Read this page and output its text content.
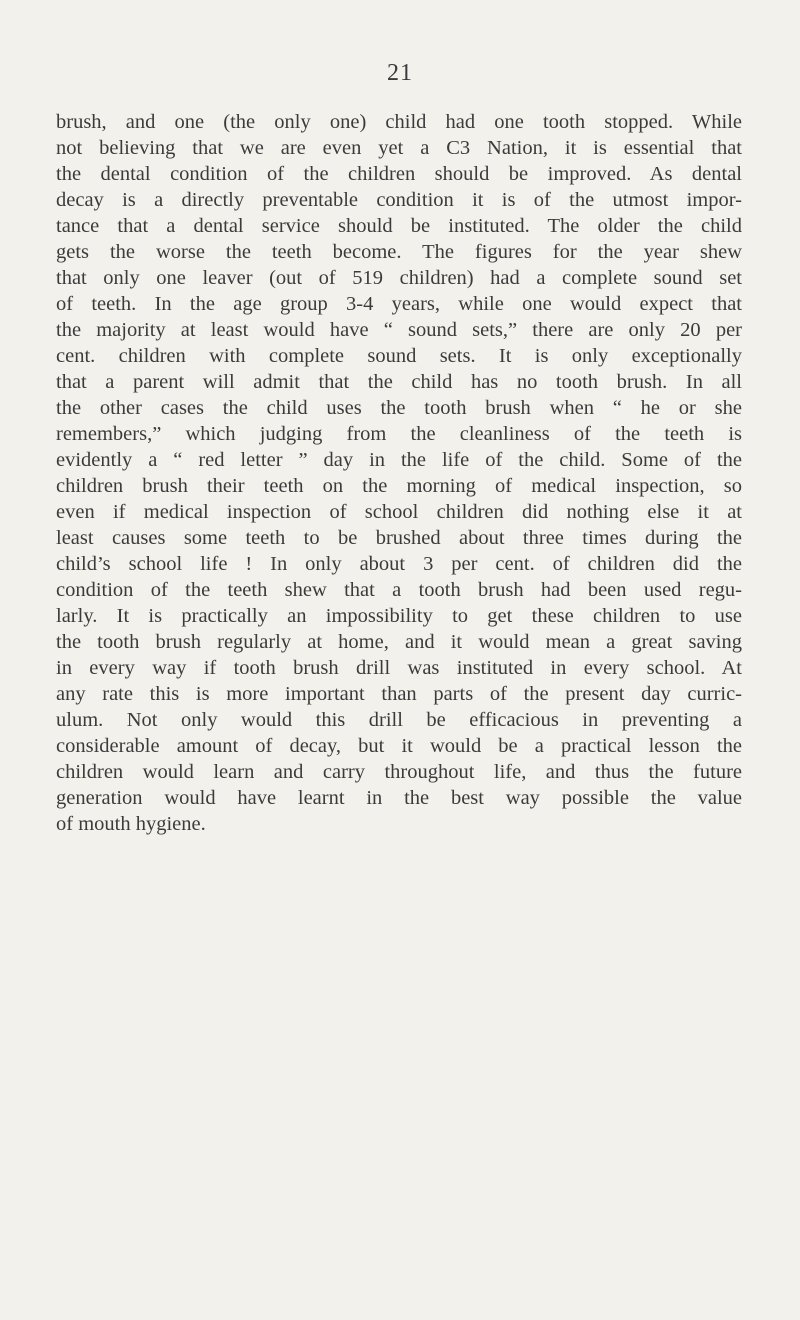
21
brush, and one (the only one) child had one tooth stopped. While
not believing that we are even yet a C3 Nation, it is essential that
the dental condition of the children should be improved. As dental
decay is a directly preventable condition it is of the utmost impor-
tance that a dental service should be instituted. The older the child
gets the worse the teeth become. The figures for the year shew
that only one leaver (out of 519 children) had a complete sound set
of teeth. In the age group 3-4 years, while one would expect that
the majority at least would have “ sound sets,” there are only 20 per
cent. children with complete sound sets. It is only exceptionally
that a parent will admit that the child has no tooth brush. In all
the other cases the child uses the tooth brush when “ he or she
remembers,” which judging from the cleanliness of the teeth is
evidently a “ red letter ” day in the life of the child. Some of the
children brush their teeth on the morning of medical inspection, so
even if medical inspection of school children did nothing else it at
least causes some teeth to be brushed about three times during the
child’s school life ! In only about 3 per cent. of children did the
condition of the teeth shew that a tooth brush had been used regu-
larly. It is practically an impossibility to get these children to use
the tooth brush regularly at home, and it would mean a great saving
in every way if tooth brush drill was instituted in every school. At
any rate this is more important than parts of the present day curric-
ulum. Not only would this drill be efficacious in preventing a
considerable amount of decay, but it would be a practical lesson the
children would learn and carry throughout life, and thus the future
generation would have learnt in the best way possible the value
of mouth hygiene.
